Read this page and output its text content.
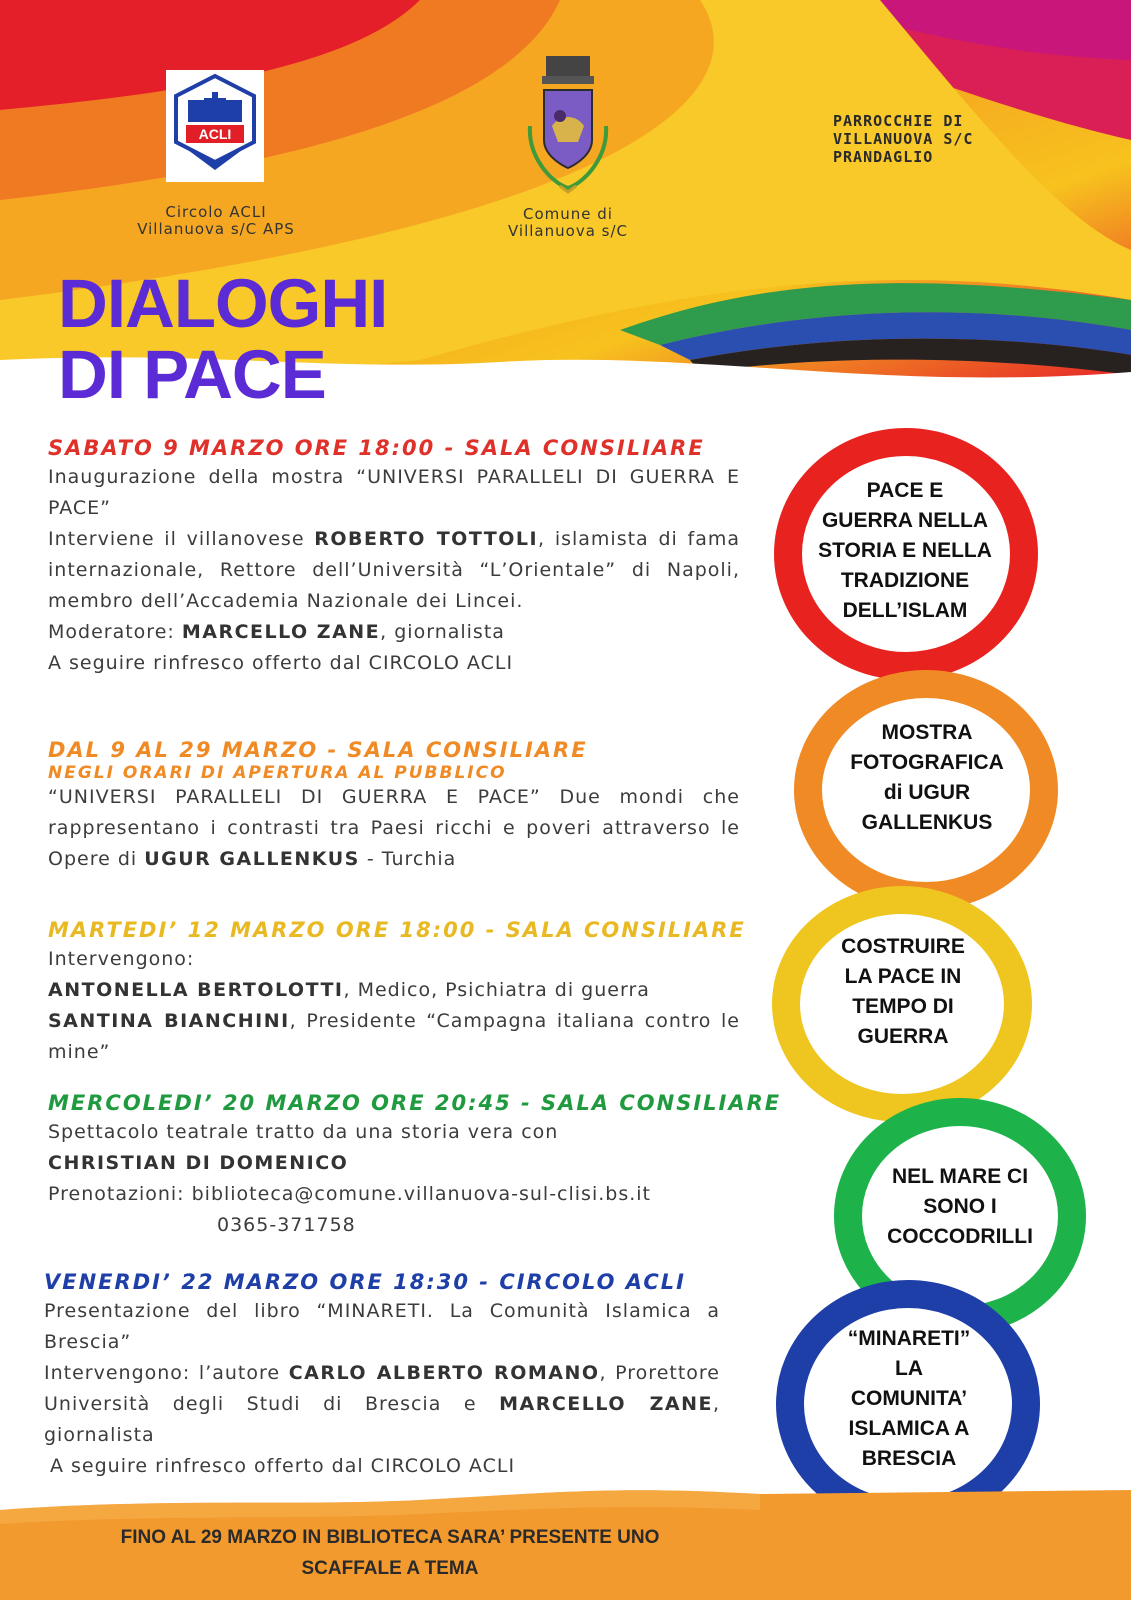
ACLI
Circolo ACLI
Villanuova s/C APS
Comune di
Villanuova s/C
PARROCCHIE DI
VILLANUOVA S/C
PRANDAGLIO
DIALOGHI
DI PACE
SABATO 9 MARZO ORE 18:00 - SALA CONSILIARE
Inaugurazione della mostra “UNIVERSI PARALLELI DI GUERRA E PACE”
Interviene il villanovese ROBERTO TOTTOLI, islamista di fama internazionale, Rettore dell’Università “L’Orientale” di Napoli, membro dell’Accademia Nazionale dei Lincei.
Moderatore: MARCELLO ZANE, giornalista
A seguire rinfresco offerto dal CIRCOLO ACLI
DAL 9 AL 29 MARZO - SALA CONSILIARE
NEGLI ORARI DI APERTURA AL PUBBLICO
“UNIVERSI PARALLELI DI GUERRA E PACE” Due mondi che rappresentano i contrasti tra Paesi ricchi e poveri attraverso le Opere di UGUR GALLENKUS - Turchia
MARTEDI’ 12 MARZO ORE 18:00 - SALA CONSILIARE
Intervengono:
ANTONELLA BERTOLOTTI, Medico, Psichiatra di guerra
SANTINA BIANCHINI, Presidente “Campagna italiana contro le mine”
MERCOLEDI’ 20 MARZO ORE 20:45 - SALA CONSILIARE
Spettacolo teatrale tratto da una storia vera con
CHRISTIAN DI DOMENICO
Prenotazioni: biblioteca@comune.villanuova-sul-clisi.bs.it
0365-371758
VENERDI’ 22 MARZO ORE 18:30 - CIRCOLO ACLI
Presentazione del libro “MINARETI. La Comunità Islamica a Brescia”
Intervengono: l’autore CARLO ALBERTO ROMANO, Prorettore Università degli Studi di Brescia e MARCELLO ZANE, giornalista
A seguire rinfresco offerto dal CIRCOLO ACLI
PACE E
GUERRA NELLA
STORIA E NELLA
TRADIZIONE
DELL’ISLAM
MOSTRA
FOTOGRAFICA
di UGUR
GALLENKUS
COSTRUIRE
LA PACE IN
TEMPO DI
GUERRA
NEL MARE CI
SONO I
COCCODRILLI
“MINARETI”
LA
COMUNITA’
ISLAMICA A
BRESCIA
FINO AL 29 MARZO IN BIBLIOTECA SARA’ PRESENTE UNO
SCAFFALE A TEMA
